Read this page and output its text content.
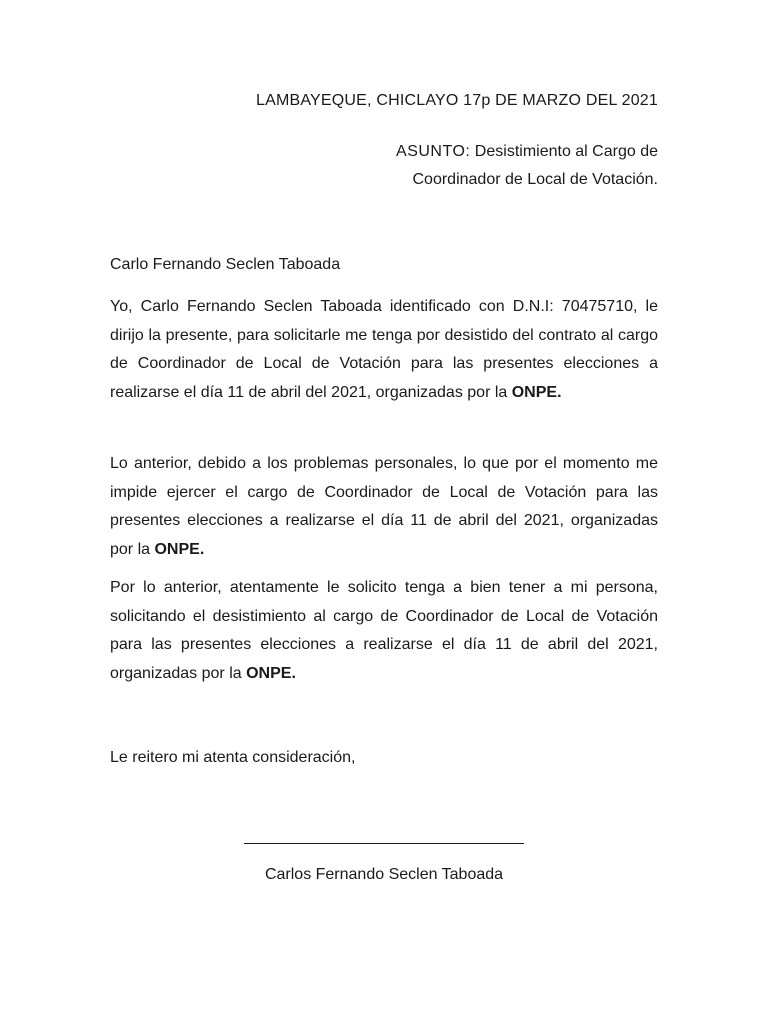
LAMBAYEQUE, CHICLAYO 17p DE MARZO DEL 2021
ASUNTO: Desistimiento al Cargo de
Coordinador de Local de Votación.
Carlo Fernando Seclen Taboada

Yo, Carlo Fernando Seclen Taboada identificado con D.N.I: 70475710, le dirijo la presente, para solicitarle me tenga por desistido del contrato al cargo de Coordinador de Local de Votación para las presentes elecciones a realizarse el día 11 de abril del 2021, organizadas por la ONPE.

Lo anterior, debido a los problemas personales, lo que por el momento me impide ejercer el cargo de Coordinador de Local de Votación para las presentes elecciones a realizarse el día 11 de abril del 2021, organizadas por la ONPE.

Por lo anterior, atentamente le solicito tenga a bien tener a mi persona, solicitando el desistimiento al cargo de Coordinador de Local de Votación para las presentes elecciones a realizarse el día 11 de abril del 2021, organizadas por la ONPE.

Le reitero mi atenta consideración,
Carlos Fernando Seclen Taboada
